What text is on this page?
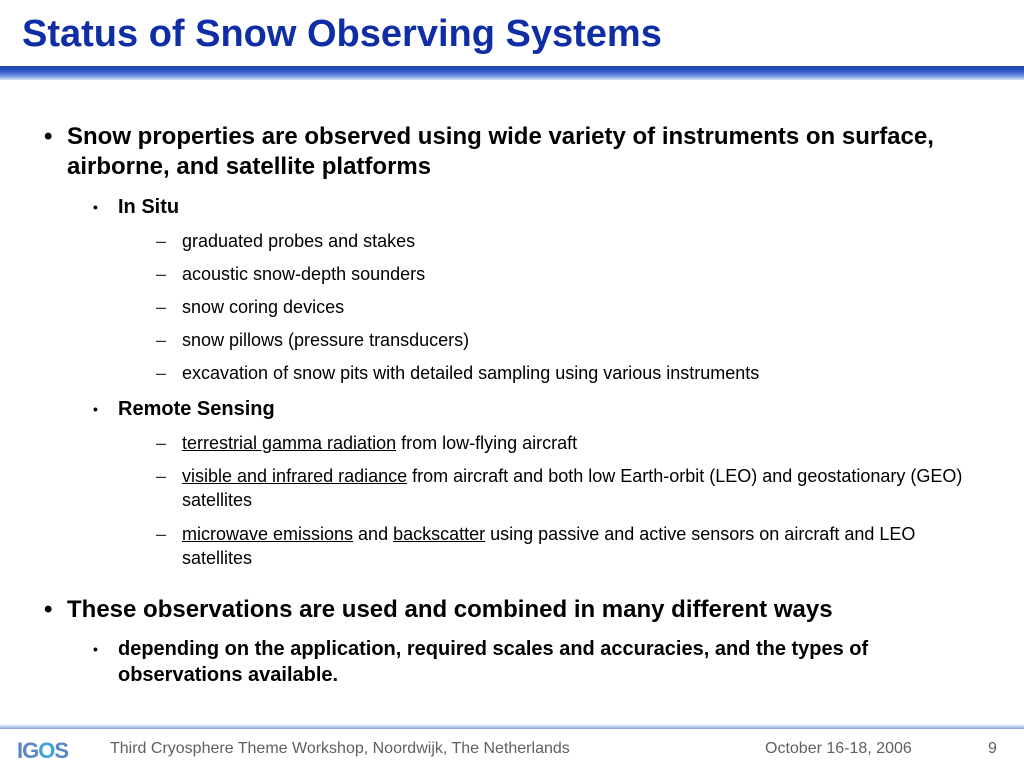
Status of Snow Observing Systems
• Snow properties are observed using wide variety of instruments on surface, airborne, and satellite platforms
• In Situ
– graduated probes and stakes
– acoustic snow-depth sounders
– snow coring devices
– snow pillows (pressure transducers)
– excavation of snow pits with detailed sampling using various instruments
• Remote Sensing
– terrestrial gamma radiation from low-flying aircraft
– visible and infrared radiance from aircraft and both low Earth-orbit (LEO) and geostationary (GEO) satellites
– microwave emissions and backscatter using passive and active sensors on aircraft and LEO satellites
• These observations are used and combined in many different ways
• depending on the application, required scales and accuracies, and the types of observations available.
IGOS	Third Cryosphere Theme Workshop, Noordwijk, The Netherlands	October 16-18, 2006	9
